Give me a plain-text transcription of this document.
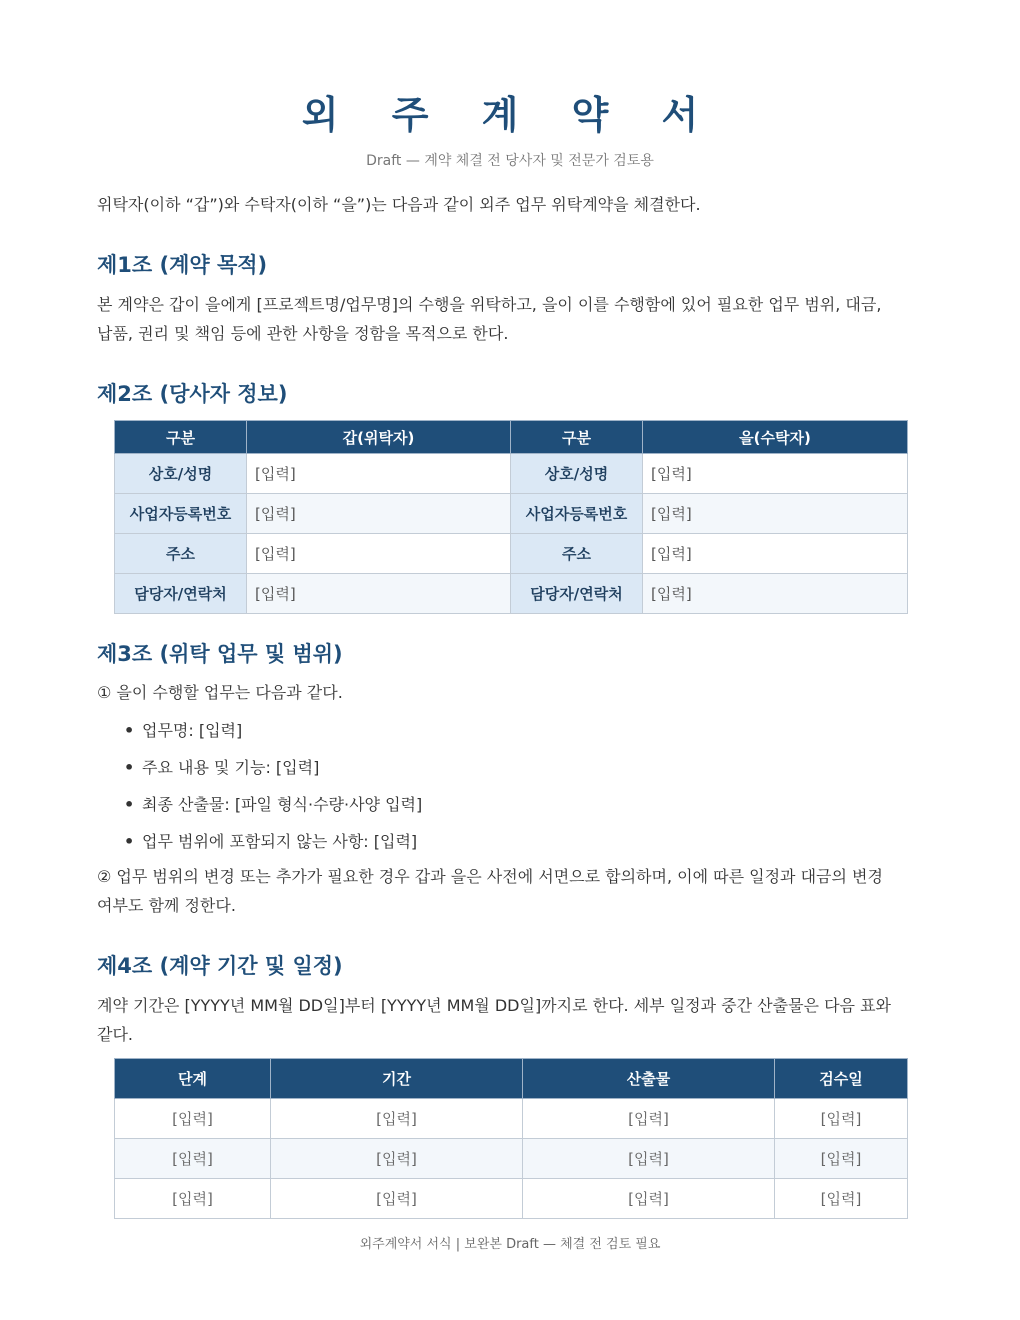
외 주 계 약 서

Draft — 계약 체결 전 당사자 및 전문가 검토용

위탁자(이하 “갑”)와 수탁자(이하 “을”)는 다음과 같이 외주 업무 위탁계약을 체결한다.

제1조 (계약 목적)

본 계약은 갑이 을에게 [프로젝트명/업무명]의 수행을 위탁하고, 을이 이를 수행함에 있어 필요한 업무 범위, 대금, 납품, 권리 및 책임 등에 관한 사항을 정함을 목적으로 한다.

제2조 (당사자 정보)
구분	갑(위탁자)	구분	을(수탁자)
상호/성명	[입력]	상호/성명	[입력]
사업자등록번호	[입력]	사업자등록번호	[입력]
주소	[입력]	주소	[입력]
담당자/연락처	[입력]	담당자/연락처	[입력]
제3조 (위탁 업무 및 범위)

① 을이 수행할 업무는 다음과 같다.

• 업무명: [입력]
• 주요 내용 및 기능: [입력]
• 최종 산출물: [파일 형식·수량·사양 입력]
• 업무 범위에 포함되지 않는 사항: [입력]

② 업무 범위의 변경 또는 추가가 필요한 경우 갑과 을은 사전에 서면으로 합의하며, 이에 따른 일정과 대금의 변경 여부도 함께 정한다.

제4조 (계약 기간 및 일정)

계약 기간은 [YYYY년 MM월 DD일]부터 [YYYY년 MM월 DD일]까지로 한다. 세부 일정과 중간 산출물은 다음 표와 같다.

단계	기간	산출물	검수일
[입력]	[입력]	[입력]	[입력]
[입력]	[입력]	[입력]	[입력]
[입력]	[입력]	[입력]	[입력]

외주계약서 서식 | 보완본 Draft — 체결 전 검토 필요
